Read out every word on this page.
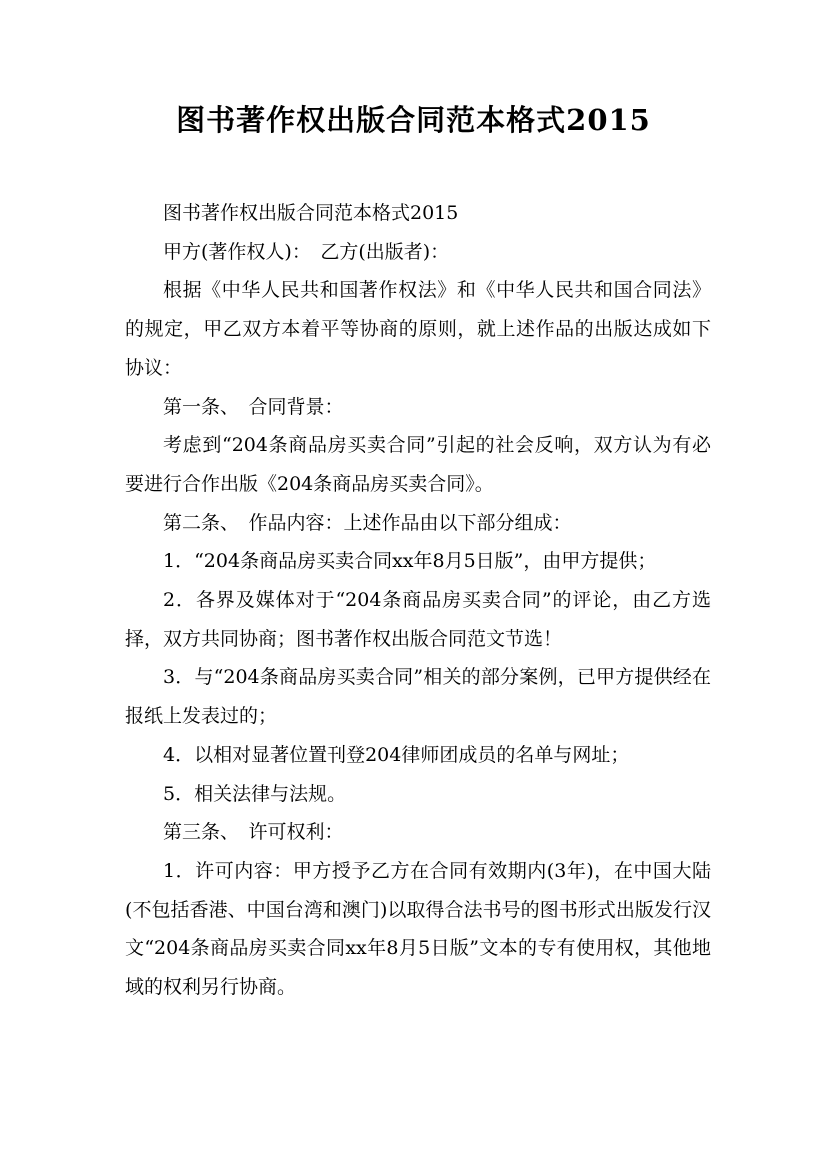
图书著作权出版合同范本格式2015

图书著作权出版合同范本格式2015

甲方(著作权人)：　乙方(出版者)：

根据《中华人民共和国著作权法》和《中华人民共和国合同法》的规定，甲乙双方本着平等协商的原则，就上述作品的出版达成如下协议：

第一条、　合同背景：

考虑到“204条商品房买卖合同”引起的社会反响，双方认为有必要进行合作出版《204条商品房买卖合同》。

第二条、　作品内容：上述作品由以下部分组成：

1．“204条商品房买卖合同xx年8月5日版”，由甲方提供；

2．各界及媒体对于“204条商品房买卖合同”的评论，由乙方选择，双方共同协商；图书著作权出版合同范文节选！

3．与“204条商品房买卖合同”相关的部分案例，已甲方提供经在报纸上发表过的；

4．以相对显著位置刊登204律师团成员的名单与网址；

5．相关法律与法规。

第三条、　许可权利：

1．许可内容：甲方授予乙方在合同有效期内(3年)，在中国大陆(不包括香港、中国台湾和澳门)以取得合法书号的图书形式出版发行汉文“204条商品房买卖合同xx年8月5日版”文本的专有使用权，其他地域的权利另行协商。
